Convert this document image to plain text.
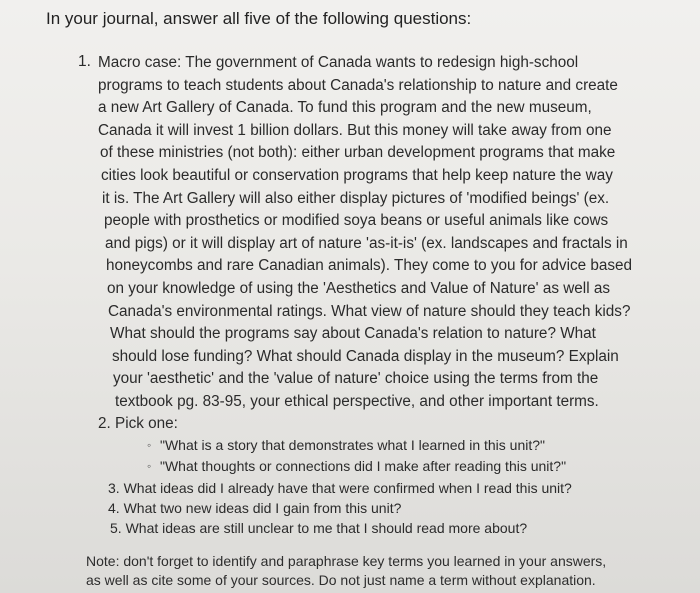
In your journal, answer all five of the following questions:
1. Macro case: The government of Canada wants to redesign high-school
programs to teach students about Canada's relationship to nature and create
a new Art Gallery of Canada. To fund this program and the new museum,
Canada it will invest 1 billion dollars. But this money will take away from one
of these ministries (not both): either urban development programs that make
cities look beautiful or conservation programs that help keep nature the way
it is. The Art Gallery will also either display pictures of 'modified beings' (ex.
people with prosthetics or modified soya beans or useful animals like cows
and pigs) or it will display art of nature 'as-it-is' (ex. landscapes and fractals in
honeycombs and rare Canadian animals). They come to you for advice based
on your knowledge of using the 'Aesthetics and Value of Nature' as well as
Canada's environmental ratings. What view of nature should they teach kids?
What should the programs say about Canada's relation to nature? What
should lose funding? What should Canada display in the museum? Explain
your 'aesthetic' and the 'value of nature' choice using the terms from the
textbook pg. 83-95, your ethical perspective, and other important terms.
2. Pick one:
◦ "What is a story that demonstrates what I learned in this unit?"
◦ "What thoughts or connections did I make after reading this unit?"
3. What ideas did I already have that were confirmed when I read this unit?
4. What two new ideas did I gain from this unit?
5. What ideas are still unclear to me that I should read more about?
Note: don't forget to identify and paraphrase key terms you learned in your answers,
as well as cite some of your sources. Do not just name a term without explanation.
